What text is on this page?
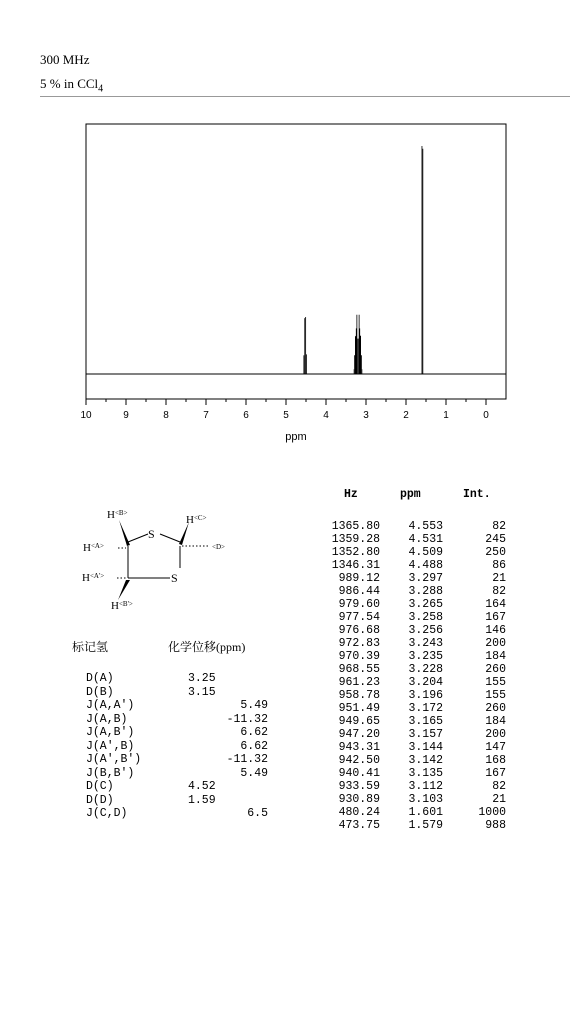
300 MHz
5 % in CCl$_4$
10	9	8	7	6	5	4	3	2	1	0
ppm
S
S
$H^{<B>}$
$H^{<C>}$
$H^{<A>}$	<D>
$H^{<A'>}$
$H^{<B'>}$
标记氢	化学位移(ppm)
D(A)	3.25
D(B)	3.15
J(A,A')	5.49
J(A,B)	-11.32
J(A,B')	6.62
J(A',B)	6.62
J(A',B')	-11.32
J(B,B')	5.49
D(C)	4.52
D(D)	1.59
J(C,D)	6.5
Hz	ppm	Int.
1365.80 4.553	82
1359.28 4.531	245
1352.80 4.509	250
1346.31 4.488	86
989.12 3.297	21
986.44 3.288	82
979.60 3.265	164
977.54 3.258	167
976.68 3.256	146
972.83 3.243	200
970.39 3.235	184
968.55 3.228	260
961.23 3.204	155
958.78 3.196	155
951.49 3.172	260
949.65 3.165	184
947.20 3.157	200
943.31 3.144	147
942.50 3.142	168
940.41 3.135	167
933.59 3.112	82
930.89 3.103	21
480.24 1.601	1000
473.75 1.579	988
